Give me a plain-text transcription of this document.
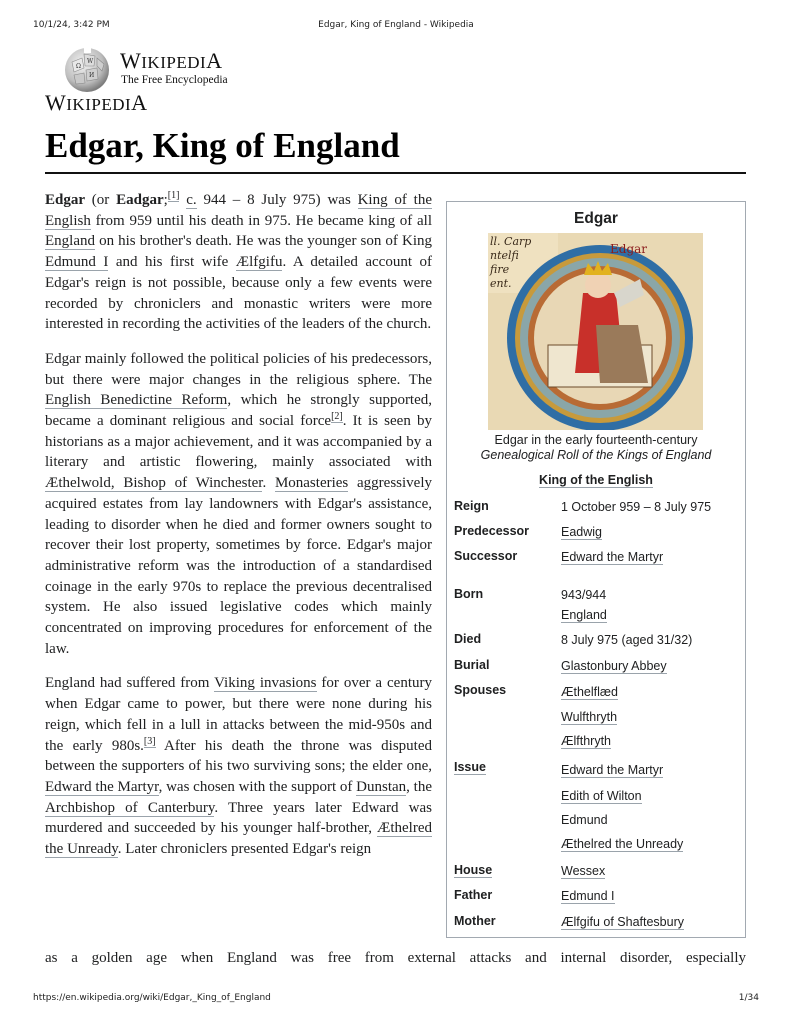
10/1/24, 3:42 PM	Edgar, King of England - Wikipedia
Ω
W
И
WIKIPEDIA
The Free Encyclopedia
WIKIPEDIA
Edgar, King of England

Edgar (or Eadgar;[1] c. 944 – 8 July 975) was King of the English from 959 until his death in 975. He became king of all England on his brother's death. He was the younger son of King Edmund I and his first wife Ælfgifu. A detailed account of Edgar's reign is not possible, because only a few events were recorded by chroniclers and monastic writers were more interested in recording the activities of the leaders of the church.

Edgar mainly followed the political policies of his predecessors, but there were major changes in the religious sphere. The English Benedictine Reform, which he strongly supported, became a dominant religious and social force[2]. It is seen by historians as a major achievement, and it was accompanied by a literary and artistic flowering, mainly associated with Æthelwold, Bishop of Winchester. Monasteries aggressively acquired estates from lay landowners with Edgar's assistance, leading to disorder when he died and former owners sought to recover their lost property, sometimes by force. Edgar's major administrative reform was the introduction of a standardised coinage in the early 970s to replace the previous decentralised system. He also issued legislative codes which mainly concentrated on improving procedures for enforcement of the law.

England had suffered from Viking invasions for over a century when Edgar came to power, but there were none during his reign, which fell in a lull in attacks between the mid-950s and the early 980s.[3] After his death the throne was disputed between the supporters of his two surviving sons; the elder one, Edward the Martyr, was chosen with the support of Dunstan, the Archbishop of Canterbury. Three years later Edward was murdered and succeeded by his younger half-brother, Æthelred the Unready. Later chroniclers presented Edgar's reign

as a golden age when England was free from external attacks and internal disorder, especially
Edgar
ll. Carp
ntelfi
fire
ent.
Edgar
Edgar in the early fourteenth-century
Genealogical Roll of the Kings of England
King of the English
Reign	1 October 959 – 8 July 975
Predecessor	Eadwig
Successor	Edward the Martyr
Born	943/944
England
Died	8 July 975 (aged 31/32)
Burial	Glastonbury Abbey
Spouses	Æthelflæd
Wulfthryth
Ælfthryth
Issue	Edward the Martyr
Edith of Wilton
Edmund
Æthelred the Unready
House	Wessex
Father	Edmund I
Mother	Ælfgifu of Shaftesbury
https://en.wikipedia.org/wiki/Edgar,_King_of_England	1/34
